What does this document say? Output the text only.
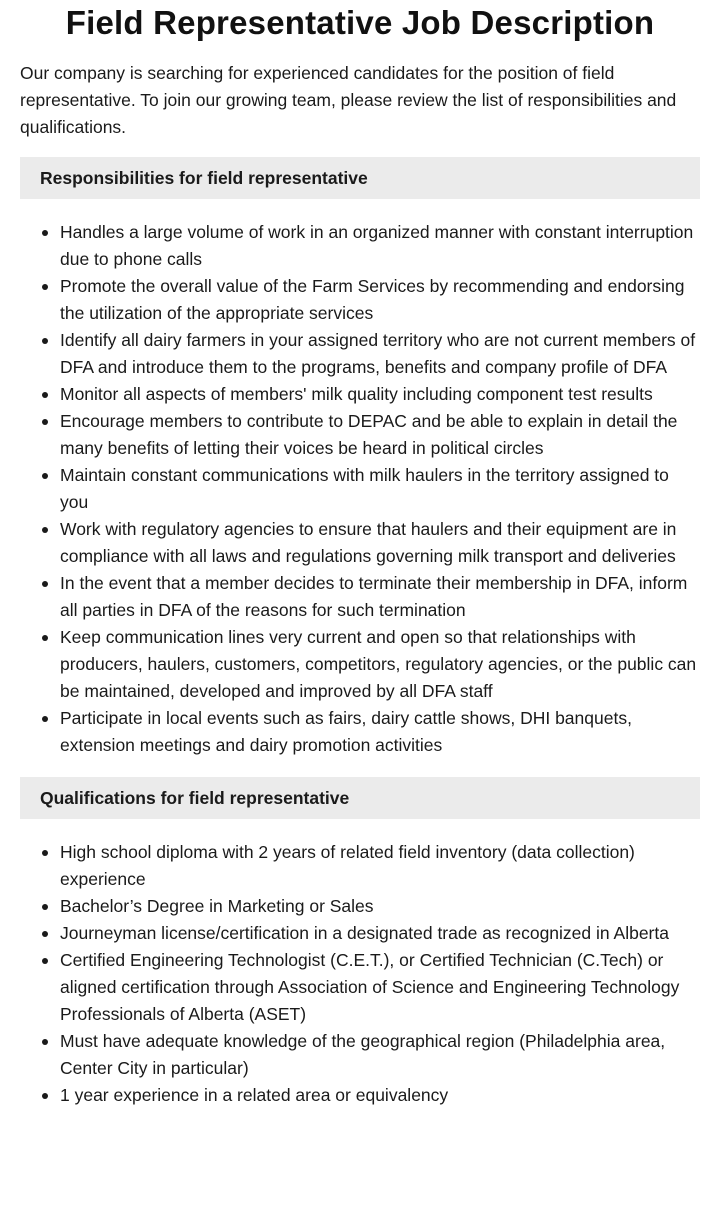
Field Representative Job Description

Our company is searching for experienced candidates for the position of field representative. To join our growing team, please review the list of responsibilities and qualifications.

Responsibilities for field representative
Handles a large volume of work in an organized manner with constant interruption due to phone calls
Promote the overall value of the Farm Services by recommending and endorsing the utilization of the appropriate services
Identify all dairy farmers in your assigned territory who are not current members of DFA and introduce them to the programs, benefits and company profile of DFA
Monitor all aspects of members' milk quality including component test results
Encourage members to contribute to DEPAC and be able to explain in detail the many benefits of letting their voices be heard in political circles
Maintain constant communications with milk haulers in the territory assigned to you
Work with regulatory agencies to ensure that haulers and their equipment are in compliance with all laws and regulations governing milk transport and deliveries
In the event that a member decides to terminate their membership in DFA, inform all parties in DFA of the reasons for such termination
Keep communication lines very current and open so that relationships with producers, haulers, customers, competitors, regulatory agencies, or the public can be maintained, developed and improved by all DFA staff
Participate in local events such as fairs, dairy cattle shows, DHI banquets, extension meetings and dairy promotion activities
Qualifications for field representative
High school diploma with 2 years of related field inventory (data collection) experience
Bachelor’s Degree in Marketing or Sales
Journeyman license/certification in a designated trade as recognized in Alberta
Certified Engineering Technologist (C.E.T.), or Certified Technician (C.Tech) or aligned certification through Association of Science and Engineering Technology Professionals of Alberta (ASET)
Must have adequate knowledge of the geographical region (Philadelphia area, Center City in particular)
1 year experience in a related area or equivalency
